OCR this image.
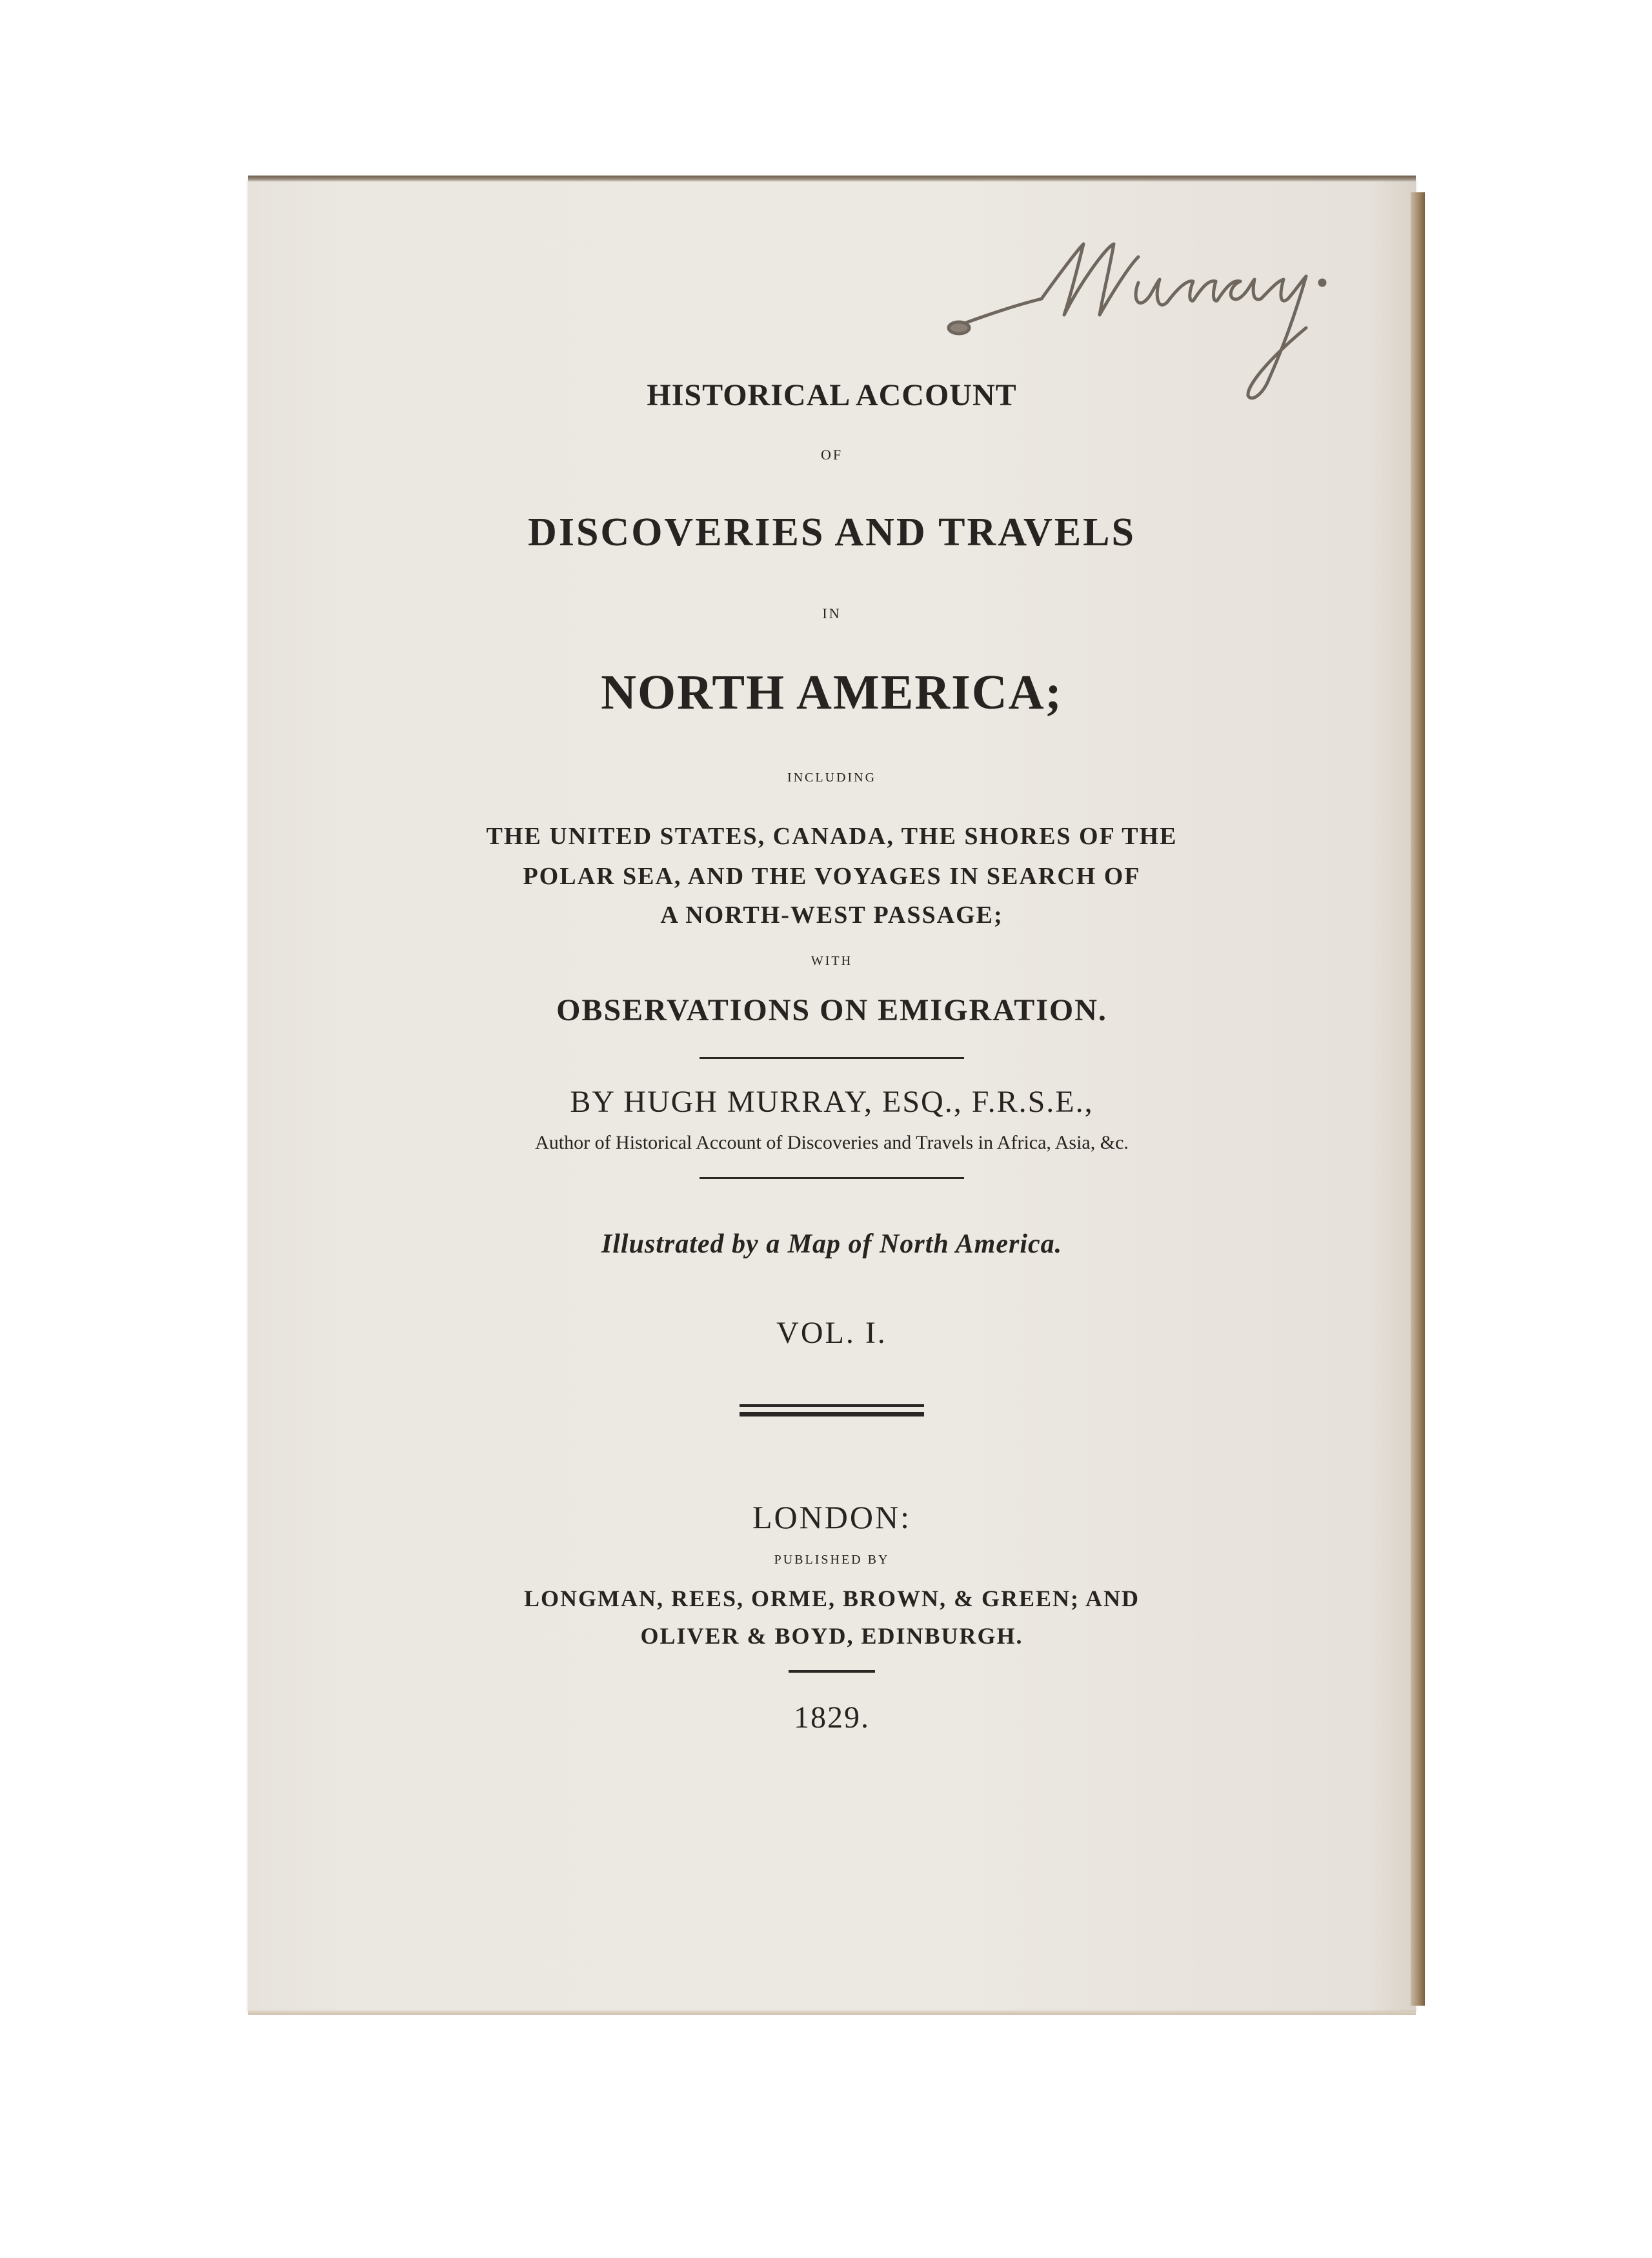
HISTORICAL ACCOUNT
OF
DISCOVERIES AND TRAVELS
IN
NORTH AMERICA;
INCLUDING
THE UNITED STATES, CANADA, THE SHORES OF THE
POLAR SEA, AND THE VOYAGES IN SEARCH OF
A NORTH-WEST PASSAGE;
WITH
OBSERVATIONS ON EMIGRATION.
BY HUGH MURRAY, ESQ., F.R.S.E.,
Author of Historical Account of Discoveries and Travels in Africa, Asia, &c.
Illustrated by a Map of North America.
VOL. I.
LONDON:
PUBLISHED BY
LONGMAN, REES, ORME, BROWN, & GREEN; AND
OLIVER & BOYD, EDINBURGH.
1829.
